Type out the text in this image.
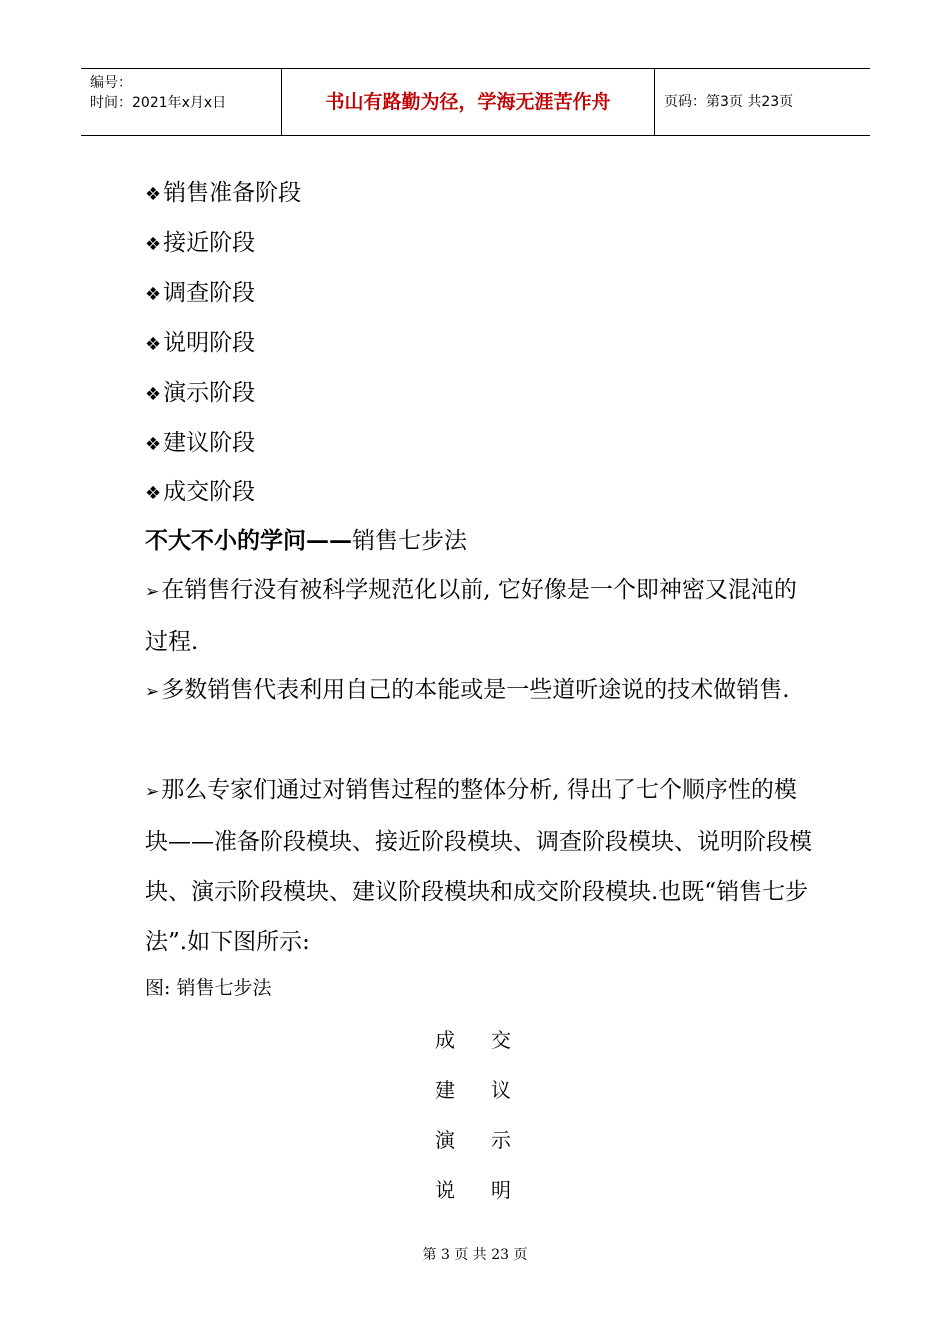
编号：
时间：2021年x月x日	书山有路勤为径，学海无涯苦作舟	页码：第3页 共23页
❖销售准备阶段
❖接近阶段
❖调查阶段
❖说明阶段
❖演示阶段
❖建议阶段
❖成交阶段
不大不小的学问——销售七步法
➢在销售行没有被科学规范化以前, 它好像是一个即神密又混沌的过程.
➢多数销售代表利用自己的本能或是一些道听途说的技术做销售.
➢那么专家们通过对销售过程的整体分析, 得出了七个顺序性的模块——准备阶段模块、接近阶段模块、调查阶段模块、说明阶段模块、演示阶段模块、建议阶段模块和成交阶段模块.也既“销售七步法”.如下图所示:
图: 销售七步法
成 交
建 议
演 示
说 明
第 3 页 共 23 页
